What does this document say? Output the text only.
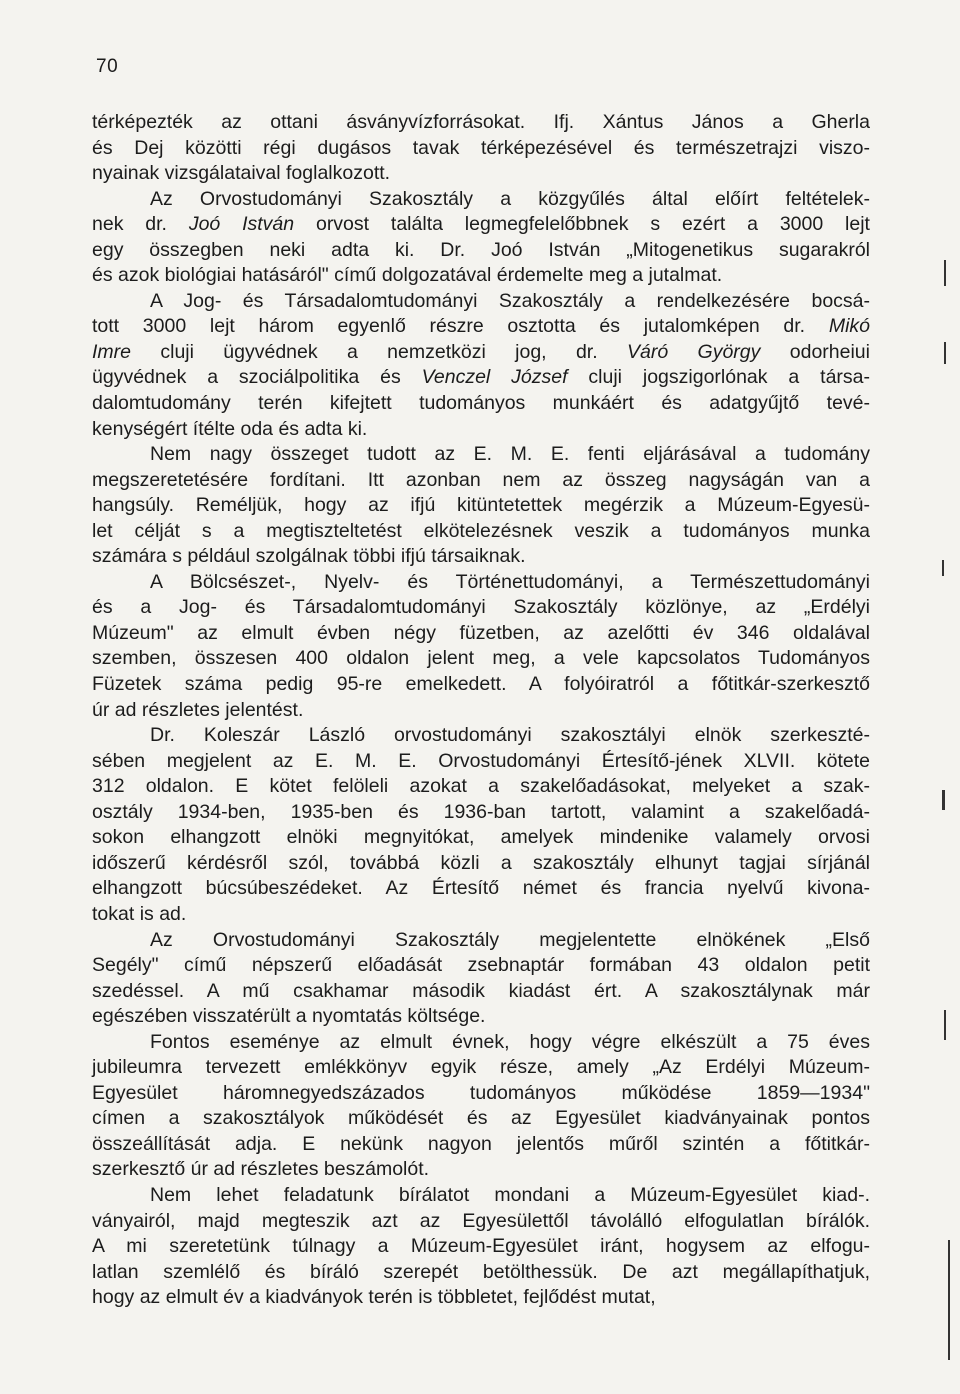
70
térképezték az ottani ásványvízforrásokat. Ifj. Xántus János a Gherla
és Dej közötti régi dugásos tavak térképezésével és természetrajzi viszo-
nyainak vizsgálataival foglalkozott.
Az Orvostudományi Szakosztály a közgyűlés által előírt feltételek-
nek dr. Joó István orvost találta legmegfelelőbbnek s ezért a 3000 lejt
egy összegben neki adta ki. Dr. Joó István „Mitogenetikus sugarakról
és azok biológiai hatásáról" című dolgozatával érdemelte meg a jutalmat.
A Jog- és Társadalomtudományi Szakosztály a rendelkezésére bocsá-
tott 3000 lejt három egyenlő részre osztotta és jutalomképen dr. Mikó
Imre cluji ügyvédnek a nemzetközi jog, dr. Váró György odorheiui
ügyvédnek a szociálpolitika és Venczel József cluji jogszigorlónak a társa-
dalomtudomány terén kifejtett tudományos munkáért és adatgyűjtő tevé-
kenységért ítélte oda és adta ki.
Nem nagy összeget tudott az E. M. E. fenti eljárásával a tudomány
megszeretetésére fordítani. Itt azonban nem az összeg nagyságán van a
hangsúly. Reméljük, hogy az ifjú kitüntetettek megérzik a Múzeum-Egyesü-
let célját s a megtiszteltetést elkötelezésnek veszik a tudományos munka
számára s például szolgálnak többi ifjú társaiknak.
A Bölcsészet-, Nyelv- és Történettudományi, a Természettudományi
és a Jog- és Társadalomtudományi Szakosztály közlönye, az „Erdélyi
Múzeum" az elmult évben négy füzetben, az azelőtti év 346 oldalával
szemben, összesen 400 oldalon jelent meg, a vele kapcsolatos Tudományos
Füzetek száma pedig 95-re emelkedett. A folyóiratról a főtitkár-szerkesztő
úr ad részletes jelentést.
Dr. Koleszár László orvostudományi szakosztályi elnök szerkeszté-
sében megjelent az E. M. E. Orvostudományi Értesítő-jének XLVII. kötete
312 oldalon. E kötet felöleli azokat a szakelőadásokat, melyeket a szak-
osztály 1934-ben, 1935-ben és 1936-ban tartott, valamint a szakelőadá-
sokon elhangzott elnöki megnyitókat, amelyek mindenike valamely orvosi
időszerű kérdésről szól, továbbá közli a szakosztály elhunyt tagjai sírjánál
elhangzott búcsúbeszédeket. Az Értesítő német és francia nyelvű kivona-
tokat is ad.
Az Orvostudományi Szakosztály megjelentette elnökének „Első
Segély" című népszerű előadását zsebnaptár formában 43 oldalon petit
szedéssel. A mű csakhamar második kiadást ért. A szakosztálynak már
egészében visszatérült a nyomtatás költsége.
Fontos eseménye az elmult évnek, hogy végre elkészült a 75 éves
jubileumra tervezett emlékkönyv egyik része, amely „Az Erdélyi Múzeum-
Egyesület háromnegyedszázados tudományos működése 1859—1934"
címen a szakosztályok működését és az Egyesület kiadványainak pontos
összeállítását adja. E nekünk nagyon jelentős műről szintén a főtitkár-
szerkesztő úr ad részletes beszámolót.
Nem lehet feladatunk bírálatot mondani a Múzeum-Egyesület kiad-.
ványairól, majd megteszik azt az Egyesülettől távolálló elfogulatlan bírálók.
A mi szeretetünk túlnagy a Múzeum-Egyesület iránt, hogysem az elfogu-
latlan szemlélő és bíráló szerepét betölthessük. De azt megállapíthatjuk,
hogy az elmult év a kiadványok terén is többletet, fejlődést mutat,
